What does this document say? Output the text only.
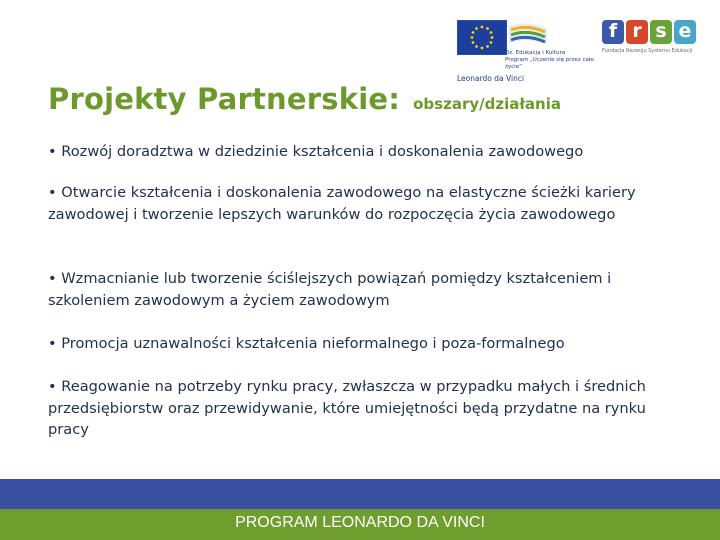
Dz. Edukacja i Kultura
Program „Uczenie się przez całe życie”
Leonardo da Vinci
f r s e
Fundacja Rozwoju Systemu Edukacji
Projekty Partnerskie: obszary/działania
• Rozwój doradztwa w dziedzinie kształcenia i doskonalenia zawodowego
• Otwarcie kształcenia i doskonalenia zawodowego na elastyczne ścieżki kariery zawodowej i tworzenie lepszych warunków do rozpoczęcia życia zawodowego
• Wzmacnianie lub tworzenie ściślejszych powiązań pomiędzy kształceniem i szkoleniem zawodowym a życiem zawodowym
• Promocja uznawalności kształcenia nieformalnego i poza-formalnego
• Reagowanie na potrzeby rynku pracy, zwłaszcza w przypadku małych i średnich przedsiębiorstw oraz przewidywanie, które umiejętności będą przydatne na rynku pracy
PROGRAM LEONARDO DA VINCI
